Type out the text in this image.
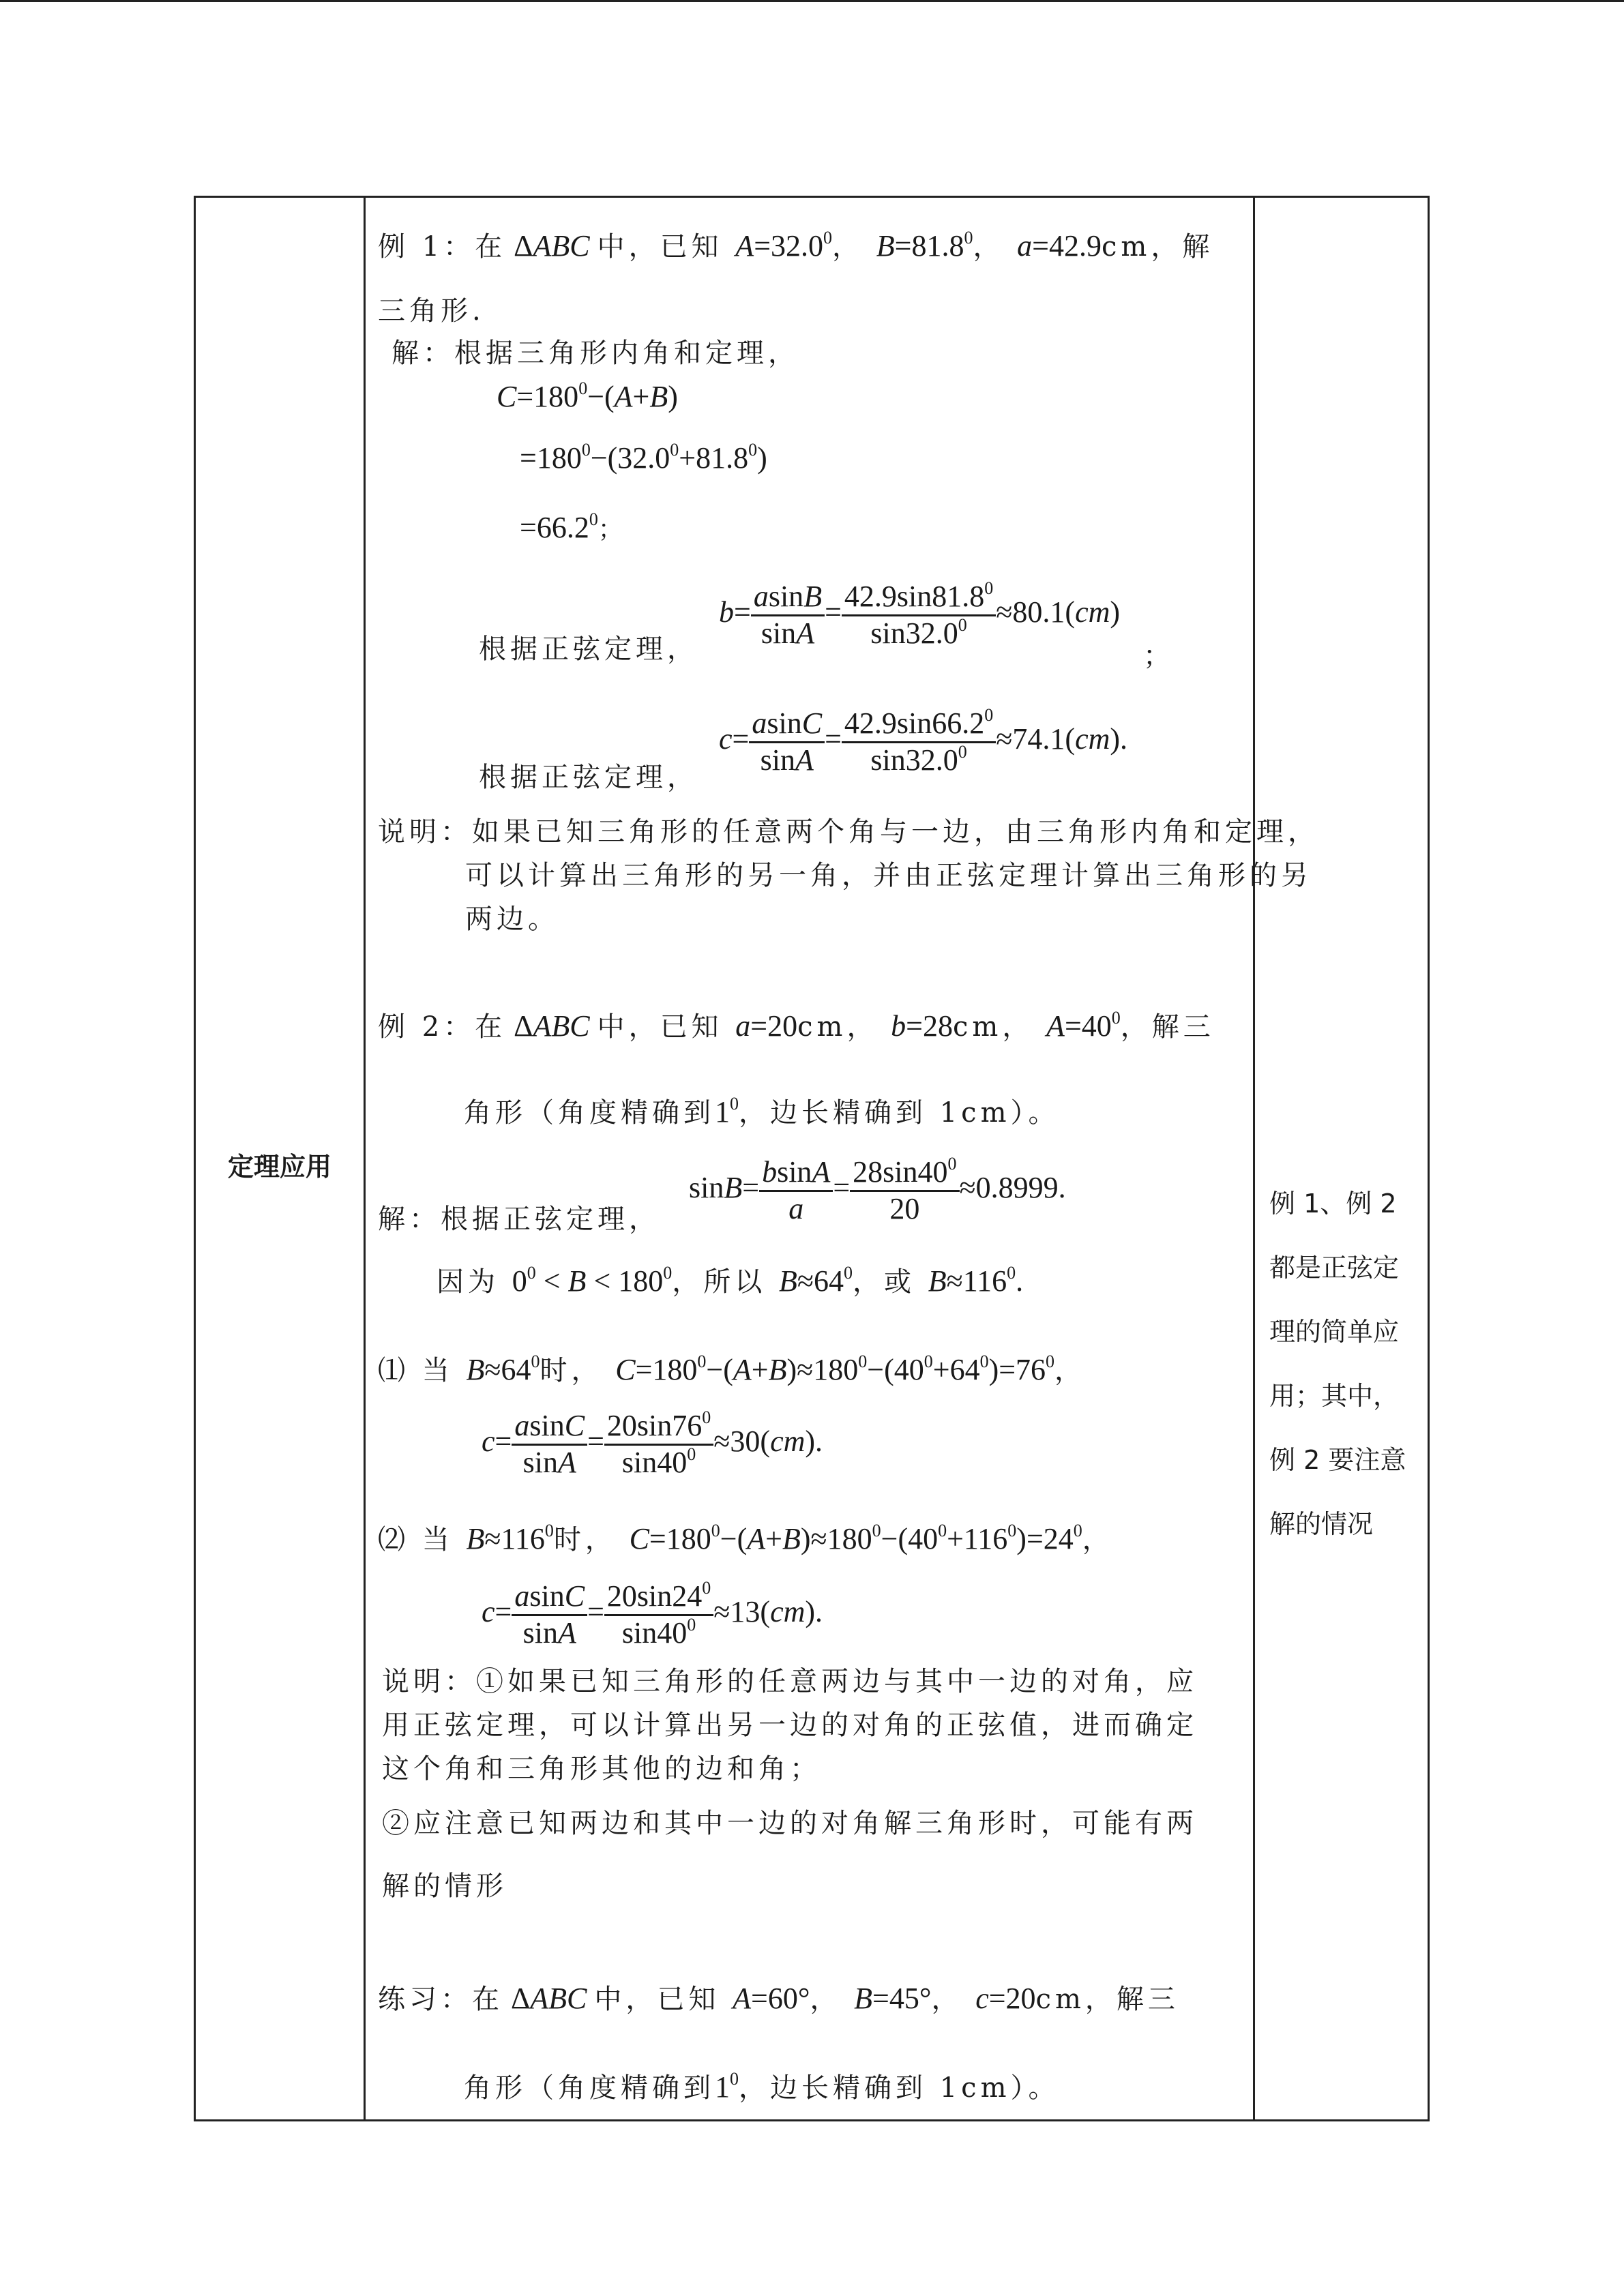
定理应用

例 1、例 2

都是正弦定

理的简单应

用；其中，

例 2 要注意

解的情况

例 1：在 ΔABC 中，已知 $A=32.0^0$， $B=81.8^0$， a=42.9cm，解
三角形.
解：根据三角形内角和定理，
$C=180^0-(A+B)$
$=180^0-(32.0^0+81.8^0)$
$=66.2^0$；
根据正弦定理，
$b= \frac{asinB}{\sin A} = \frac{42.9\sin 81.8^0}{\sin 32.0^0} \approx 80.1(cm)$
；
根据正弦定理，
$c= \frac{asinC}{\sin A} = \frac{42.9\sin 66.2^0}{\sin 32.0^0} \approx 74.1(cm)$.
说明：如果已知三角形的任意两个角与一边，由三角形内角和定理，可以计算出三角形的另一角，并由正弦定理计算出三角形的另两边。
例 2：在 ΔABC 中，已知 a=20cm， b=28cm， $A=40^0$，解三
角形（角度精确到$1^0$，边长精确到 1cm）。
解：根据正弦定理，
$\sin B= \frac{bsinA}{a} = \frac{28\sin 40^0}{20} \approx 0.8999$.
因为 $0^0 < B < 180^0$，所以 $B\approx 64^0$，或 $B\approx 116^0$.
⑴ 当 $B\approx 64^0$时， $C=180^0-(A+B)\approx 180^0-(40^0+64^0)=76^0$，
$c= \frac{asinC}{\sin A} = \frac{20\sin 76^0}{\sin 40^0} \approx 30(cm)$.
⑵ 当 $B\approx 116^0$时， $C=180^0-(A+B)\approx 180^0-(40^0+116^0)=24^0$，
$c= \frac{asinC}{\sin A} = \frac{20\sin 24^0}{\sin 40^0} \approx 13(cm)$.
说明：①如果已知三角形的任意两边与其中一边的对角，应用正弦定理，可以计算出另一边的对角的正弦值，进而确定这个角和三角形其他的边和角；
②应注意已知两边和其中一边的对角解三角形时，可能有两解的情形
练习：在 ΔABC 中，已知 A=60°， B=45°， c=20cm，解三
角形（角度精确到$1^0$，边长精确到 1cm）。
